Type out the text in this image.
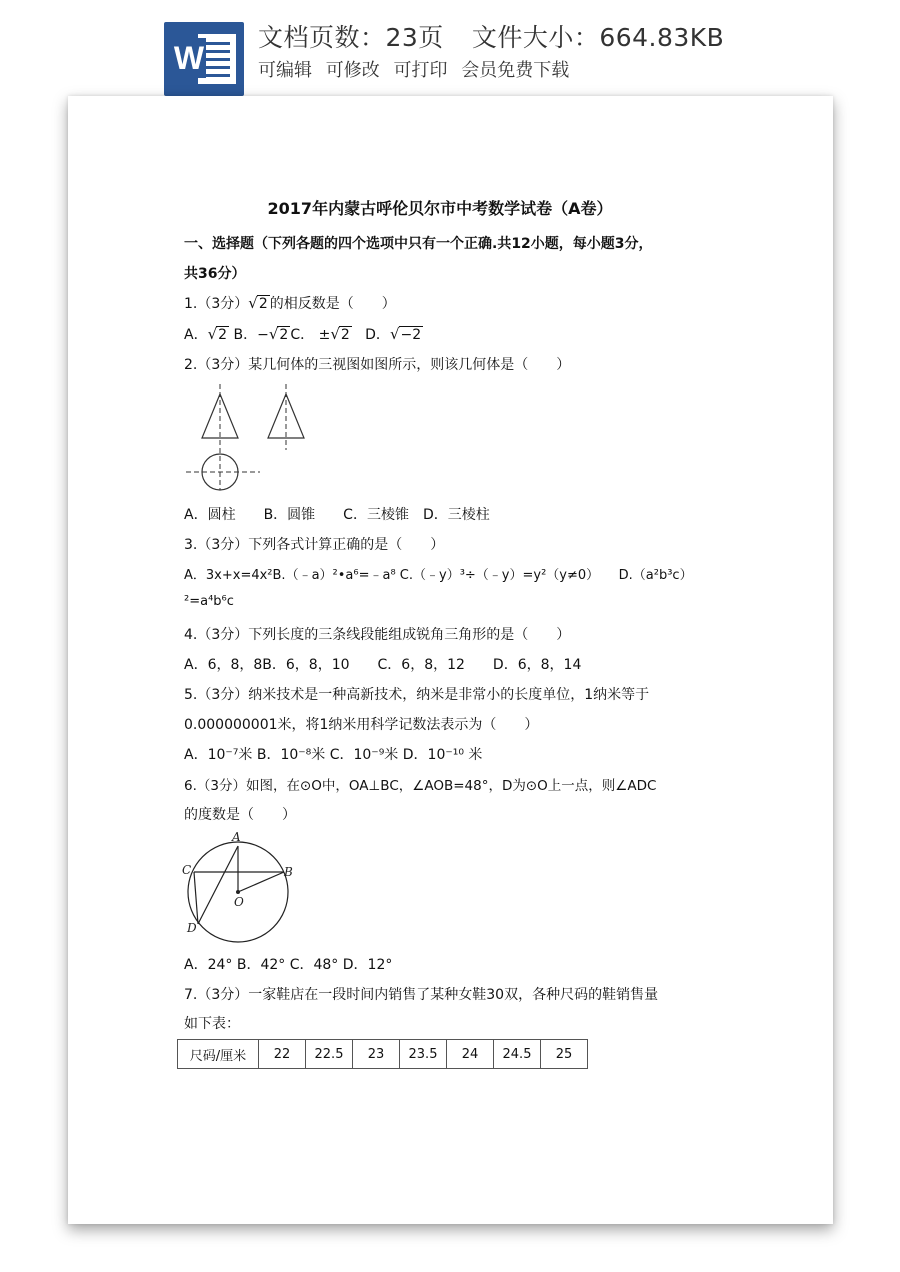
W
文档页数：23页 文件大小：664.83KB
可编辑 可修改 可打印 会员免费下载
2017年内蒙古呼伦贝尔市中考数学试卷（A卷）
一、选择题（下列各题的四个选项中只有一个正确.共12小题，每小题3分，
共36分）
1.（3分）√2 的相反数是（　　）
A．√2 B．−√2 C． ±√2 D．√−2
2.（3分）某几何体的三视图如图所示，则该几何体是（　　）
A．圆柱　　B．圆锥　　C．三棱锥　D．三棱柱
3.（3分）下列各式计算正确的是（　　）
A．3x+x=4x²B.（﹣a）²•a⁶=﹣a⁸ C.（﹣y）³÷（﹣y）=y²（y≠0）　　D.（a²b³c）
²=a⁴b⁶c
4.（3分）下列长度的三条线段能组成锐角三角形的是（　　）
A．6，8，8B．6，8，10　　C．6，8，12　　D．6，8，14
5.（3分）纳米技术是一种高新技术，纳米是非常小的长度单位，1纳米等于
0.000000001米，将1纳米用科学记数法表示为（　　）
A．10⁻⁷米 B．10⁻⁸米 C．10⁻⁹米 D．10⁻¹⁰ 米
6.（3分）如图，在⊙O中，OA⊥BC，∠AOB=48°，D为⊙O上一点，则∠ADC
的度数是（　　）
A
B
C
D
O
A．24° B．42° C．48° D．12°
7.（3分）一家鞋店在一段时间内销售了某种女鞋30双，各种尺码的鞋销售量
如下表：
尺码/厘米	22	22.5	23	23.5	24	24.5	25
